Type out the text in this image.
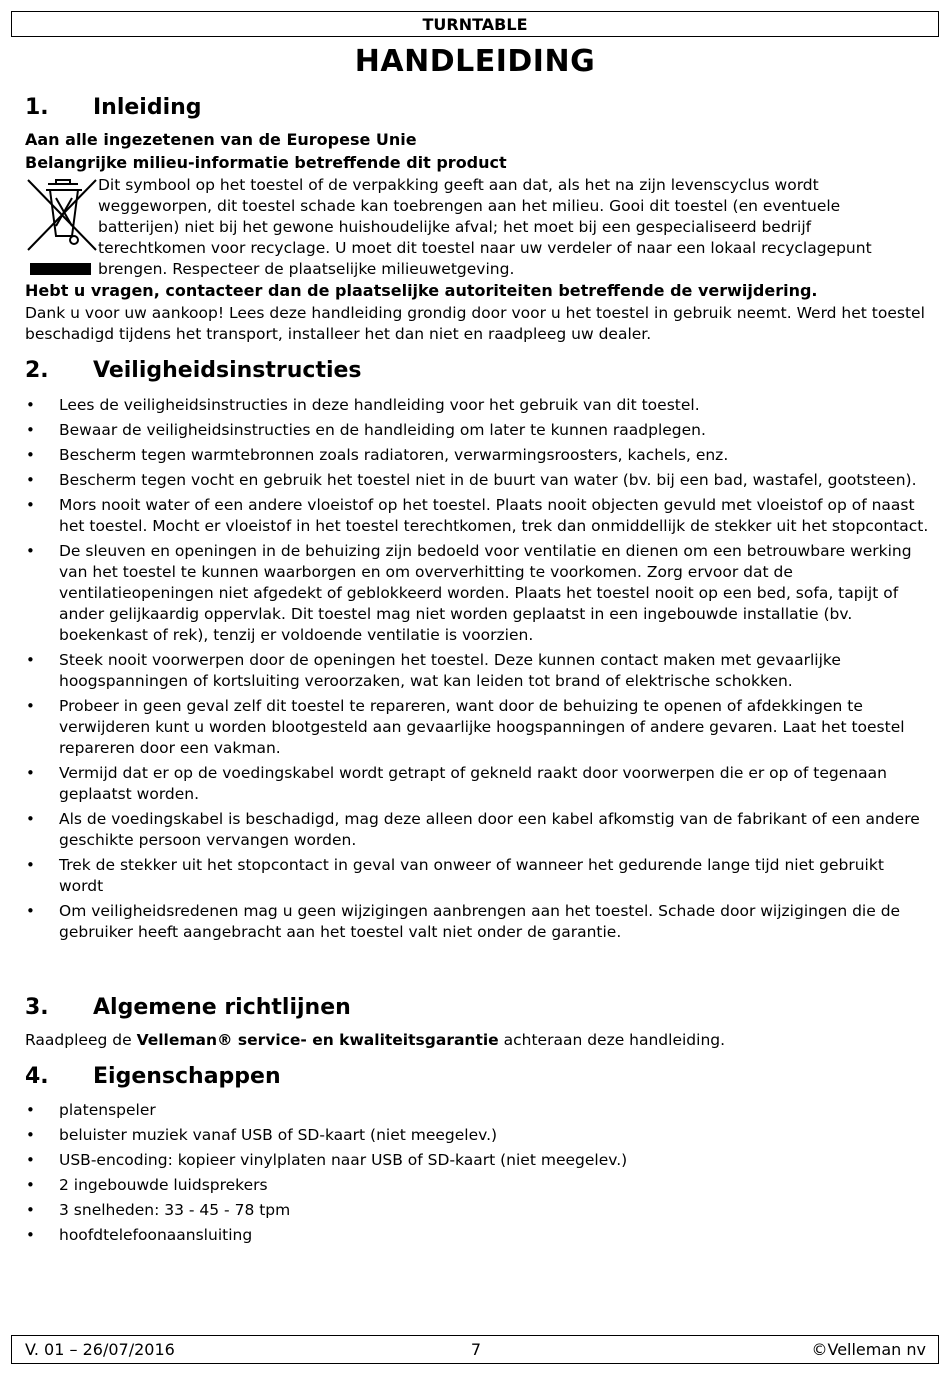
TURNTABLE
HANDLEIDING
1. Inleiding
Aan alle ingezetenen van de Europese Unie
Belangrijke milieu-informatie betreffende dit product
Dit symbool op het toestel of de verpakking geeft aan dat, als het na zijn levenscyclus wordt weggeworpen, dit toestel schade kan toebrengen aan het milieu. Gooi dit toestel (en eventuele batterijen) niet bij het gewone huishoudelijke afval; het moet bij een gespecialiseerd bedrijf terechtkomen voor recyclage. U moet dit toestel naar uw verdeler of naar een lokaal recyclagepunt brengen. Respecteer de plaatselijke milieuwetgeving.
Hebt u vragen, contacteer dan de plaatselijke autoriteiten betreffende de verwijdering.
Dank u voor uw aankoop! Lees deze handleiding grondig door voor u het toestel in gebruik neemt. Werd het toestel beschadigd tijdens het transport, installeer het dan niet en raadpleeg uw dealer.
2. Veiligheidsinstructies
• Lees de veiligheidsinstructies in deze handleiding voor het gebruik van dit toestel.
• Bewaar de veiligheidsinstructies en de handleiding om later te kunnen raadplegen.
• Bescherm tegen warmtebronnen zoals radiatoren, verwarmingsroosters, kachels, enz.
• Bescherm tegen vocht en gebruik het toestel niet in de buurt van water (bv. bij een bad, wastafel, gootsteen).
• Mors nooit water of een andere vloeistof op het toestel. Plaats nooit objecten gevuld met vloeistof op of naast het toestel. Mocht er vloeistof in het toestel terechtkomen, trek dan onmiddellijk de stekker uit het stopcontact.
• De sleuven en openingen in de behuizing zijn bedoeld voor ventilatie en dienen om een betrouwbare werking van het toestel te kunnen waarborgen en om oververhitting te voorkomen. Zorg ervoor dat de ventilatieopeningen niet afgedekt of geblokkeerd worden. Plaats het toestel nooit op een bed, sofa, tapijt of ander gelijkaardig oppervlak. Dit toestel mag niet worden geplaatst in een ingebouwde installatie (bv. boekenkast of rek), tenzij er voldoende ventilatie is voorzien.
• Steek nooit voorwerpen door de openingen het toestel. Deze kunnen contact maken met gevaarlijke hoogspanningen of kortsluiting veroorzaken, wat kan leiden tot brand of elektrische schokken.
• Probeer in geen geval zelf dit toestel te repareren, want door de behuizing te openen of afdekkingen te verwijderen kunt u worden blootgesteld aan gevaarlijke hoogspanningen of andere gevaren. Laat het toestel repareren door een vakman.
• Vermijd dat er op de voedingskabel wordt getrapt of gekneld raakt door voorwerpen die er op of tegenaan geplaatst worden.
• Als de voedingskabel is beschadigd, mag deze alleen door een kabel afkomstig van de fabrikant of een andere geschikte persoon vervangen worden.
• Trek de stekker uit het stopcontact in geval van onweer of wanneer het gedurende lange tijd niet gebruikt wordt
• Om veiligheidsredenen mag u geen wijzigingen aanbrengen aan het toestel. Schade door wijzigingen die de gebruiker heeft aangebracht aan het toestel valt niet onder de garantie.
3. Algemene richtlijnen
Raadpleeg de Velleman® service- en kwaliteitsgarantie achteraan deze handleiding.
4. Eigenschappen
• platenspeler
• beluister muziek vanaf USB of SD-kaart (niet meegelev.)
• USB-encoding: kopieer vinylplaten naar USB of SD-kaart (niet meegelev.)
• 2 ingebouwde luidsprekers
• 3 snelheden: 33 - 45 - 78 tpm
• hoofdtelefoonaansluiting
7
V. 01 – 26/07/2016	©Velleman nv
